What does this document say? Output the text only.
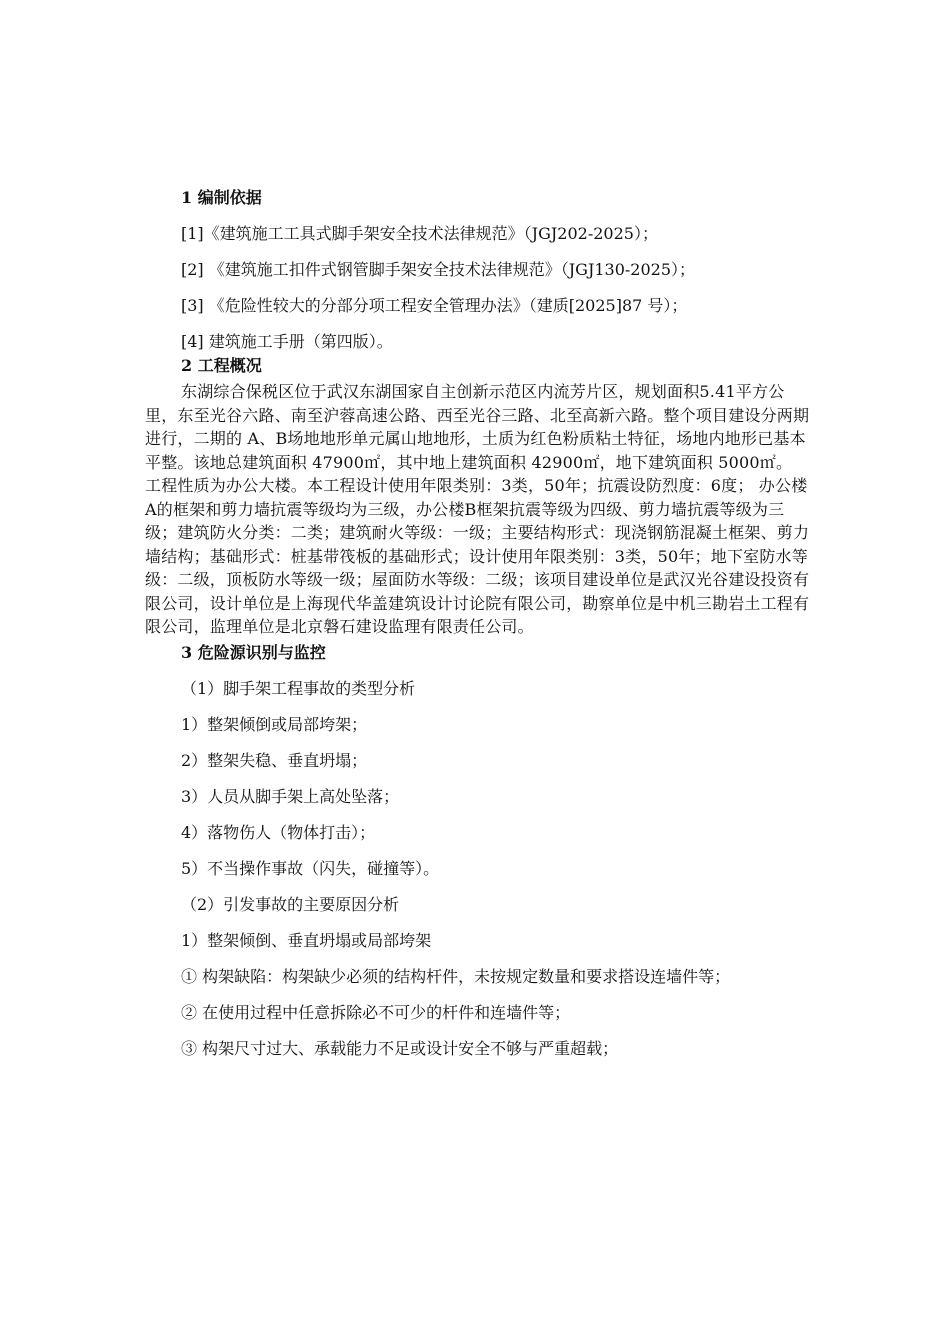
1 编制依据

[1]《建筑施工工具式脚手架安全技术法律规范》（JGJ202-2025）；

[2] 《建筑施工扣件式钢管脚手架安全技术法律规范》（JGJ130-2025）；

[3] 《危险性较大的分部分项工程安全管理办法》（建质[2025]87 号）；

[4] 建筑施工手册（第四版）。

2 工程概况

东湖综合保税区位于武汉东湖国家自主创新示范区内流芳片区，规划面积5.41平方公里，东至光谷六路、南至沪蓉高速公路、西至光谷三路、北至高新六路。整个项目建设分两期进行，二期的 A、B场地地形单元属山地地形，土质为红色粉质粘土特征，场地内地形已基本平整。该地总建筑面积 47900㎡，其中地上建筑面积 42900㎡，地下建筑面积 5000㎡。 工程性质为办公大楼。本工程设计使用年限类别：3类，50年；抗震设防烈度：6度； 办公楼A的框架和剪力墙抗震等级均为三级，办公楼B框架抗震等级为四级、剪力墙抗震等级为三级；建筑防火分类：二类；建筑耐火等级：一级；主要结构形式：现浇钢筋混凝土框架、剪力墙结构；基础形式：桩基带筏板的基础形式；设计使用年限类别：3类，50年；地下室防水等级：二级，顶板防水等级一级；屋面防水等级：二级；该项目建设单位是武汉光谷建设投资有限公司，设计单位是上海现代华盖建筑设计讨论院有限公司，勘察单位是中机三勘岩土工程有限公司，监理单位是北京磐石建设监理有限责任公司。

3 危险源识别与监控

（1）脚手架工程事故的类型分析

1）整架倾倒或局部垮架；

2）整架失稳、垂直坍塌；

3）人员从脚手架上高处坠落；

4）落物伤人（物体打击）；

5）不当操作事故（闪失，碰撞等）。

（2）引发事故的主要原因分析

1）整架倾倒、垂直坍塌或局部垮架

① 构架缺陷：构架缺少必须的结构杆件，未按规定数量和要求搭设连墙件等；

② 在使用过程中任意拆除必不可少的杆件和连墙件等；

③ 构架尺寸过大、承载能力不足或设计安全不够与严重超载；
